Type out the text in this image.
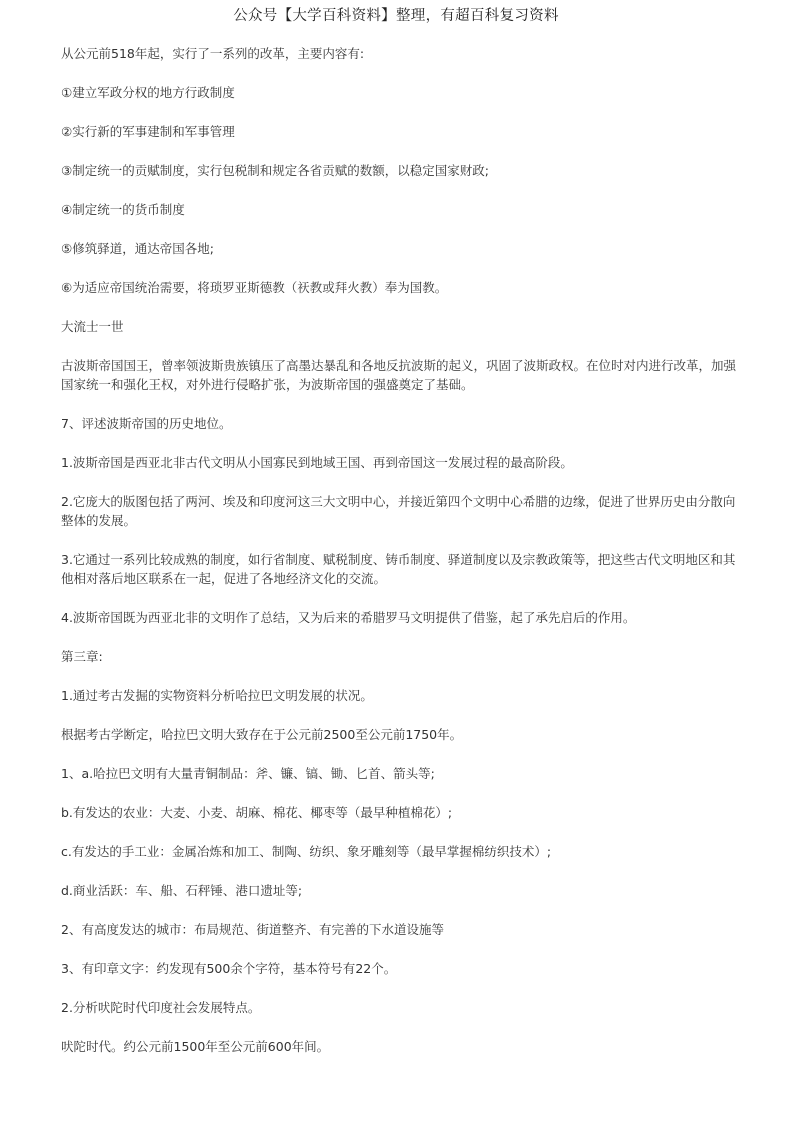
公众号【大学百科资料】整理，有超百科复习资料

从公元前518年起，实行了一系列的改革，主要内容有:

①建立军政分权的地方行政制度

②实行新的军事建制和军事管理

③制定统一的贡赋制度，实行包税制和规定各省贡赋的数额，以稳定国家财政;

④制定统一的货币制度

⑤修筑驿道，通达帝国各地;

⑥为适应帝国统治需要，将琐罗亚斯德教（祆教或拜火教）奉为国教。

大流士一世

古波斯帝国国王，曾率领波斯贵族镇压了高墨达暴乱和各地反抗波斯的起义，巩固了波斯政权。在位时对内进行改革，加强国家统一和强化王权，对外进行侵略扩张，为波斯帝国的强盛奠定了基础。

7、评述波斯帝国的历史地位。

1.波斯帝国是西亚北非古代文明从小国寡民到地域王国、再到帝国这一发展过程的最高阶段。

2.它庞大的版图包括了两河、埃及和印度河这三大文明中心，并接近第四个文明中心希腊的边缘，促进了世界历史由分散向整体的发展。

3.它通过一系列比较成熟的制度，如行省制度、赋税制度、铸币制度、驿道制度以及宗教政策等，把这些古代文明地区和其他相对落后地区联系在一起，促进了各地经济文化的交流。

4.波斯帝国既为西亚北非的文明作了总结，又为后来的希腊罗马文明提供了借鉴，起了承先启后的作用。

第三章:

1.通过考古发掘的实物资料分析哈拉巴文明发展的状况。

根据考古学断定，哈拉巴文明大致存在于公元前2500至公元前1750年。

1、a.哈拉巴文明有大量青铜制品：斧、镰、镐、锄、匕首、箭头等;

b.有发达的农业：大麦、小麦、胡麻、棉花、椰枣等（最早种植棉花）;

c.有发达的手工业：金属冶炼和加工、制陶、纺织、象牙雕刻等（最早掌握棉纺织技术）;

d.商业活跃：车、船、石秤锤、港口遗址等;

2、有高度发达的城市：布局规范、街道整齐、有完善的下水道设施等

3、有印章文字：约发现有500余个字符，基本符号有22个。

2.分析吠陀时代印度社会发展特点。

吠陀时代。约公元前1500年至公元前600年间。
